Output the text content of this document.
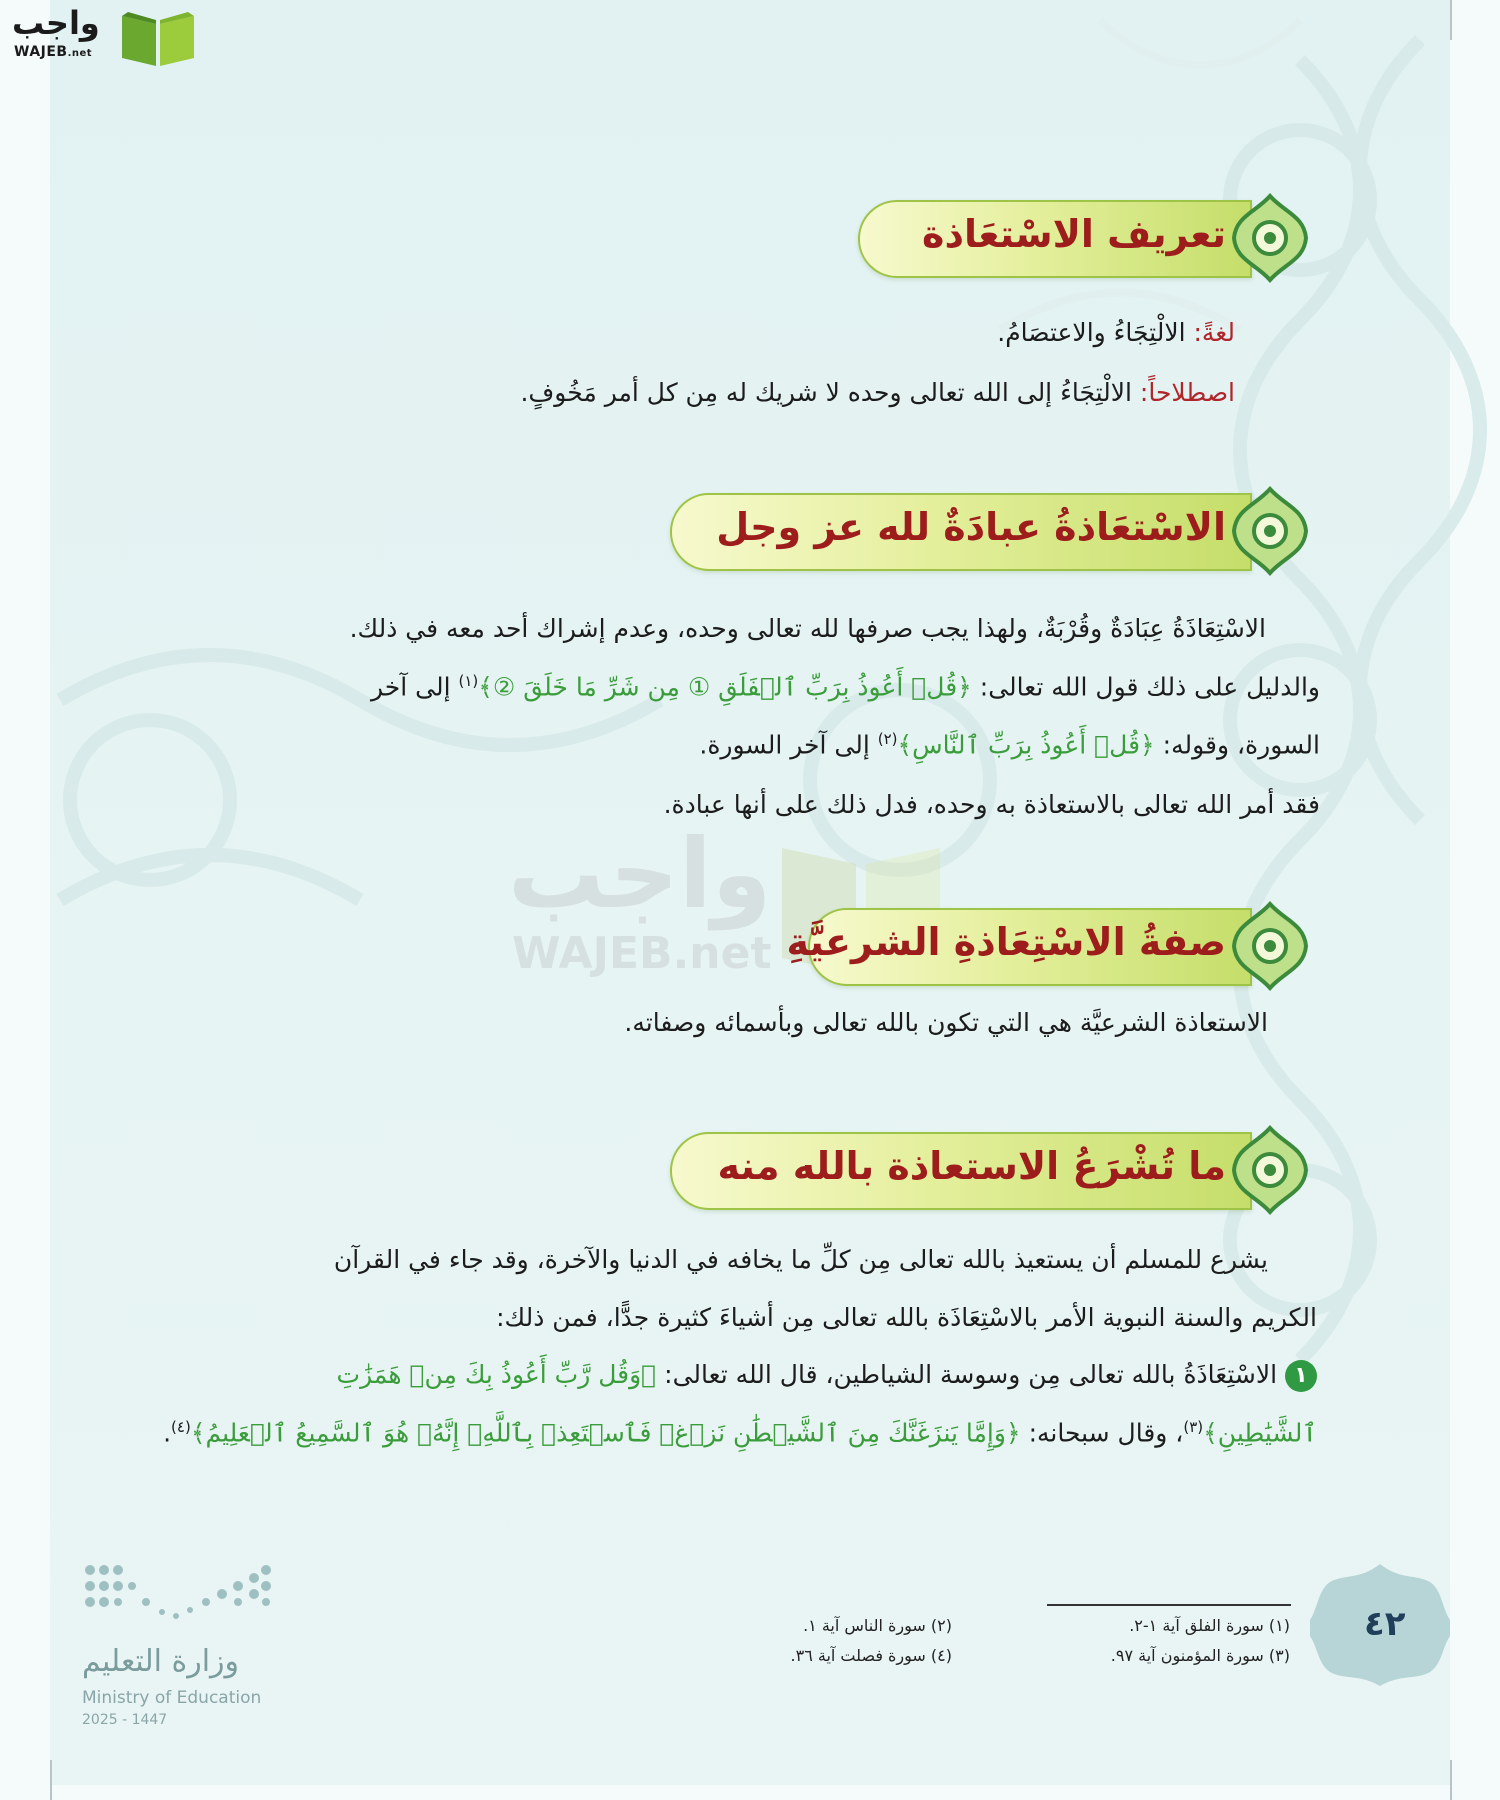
واجب
WAJEB.net
تعريف الاسْتعَاذة
لغةً: الالْتِجَاءُ والاعتصَامُ.
اصطلاحاً: الالْتِجَاءُ إلى الله تعالى وحده لا شريك له مِن كل أمر مَخُوفٍ.
الاسْتعَاذةُ عبادَةٌ لله عز وجل
الاسْتِعَاذَةُ عِبَادَةٌ وقُرْبَةٌ، ولهذا يجب صرفها لله تعالى وحده، وعدم إشراك أحد معه في ذلك.
والدليل على ذلك قول الله تعالى: ﴿قُلۡ أَعُوذُ بِرَبِّ ٱلۡفَلَقِ ① مِن شَرِّ مَا خَلَقَ ②﴾$^{(١)}$ إلى آخر
السورة، وقوله: ﴿قُلۡ أَعُوذُ بِرَبِّ ٱلنَّاسِ﴾$^{(٢)}$ إلى آخر السورة.
فقد أمر الله تعالى بالاستعاذة به وحده، فدل ذلك على أنها عبادة.
واجب
WAJEB.net صفةُ الاسْتِعَاذةِ الشرعيَّةِ
الاستعاذة الشرعيَّة هي التي تكون بالله تعالى وبأسمائه وصفاته.
ما تُشْرَعُ الاستعاذة بالله منه
يشرع للمسلم أن يستعيذ بالله تعالى مِن كلِّ ما يخافه في الدنيا والآخرة، وقد جاء في القرآن
الكريم والسنة النبوية الأمر بالاسْتِعَاذَة بالله تعالى مِن أشياءَ كثيرة جدًّا، فمن ذلك:
١ الاسْتِعَاذَةُ بالله تعالى مِن وسوسة الشياطين، قال الله تعالى: ﴿وَقُل رَّبِّ أَعُوذُ بِكَ مِنۡ هَمَزَٰتِ
ٱلشَّيَٰطِينِ﴾$^{(٣)}$، وقال سبحانه: ﴿وَإِمَّا يَنزَغَنَّكَ مِنَ ٱلشَّيۡطَٰنِ نَزۡغٞ فَٱسۡتَعِذۡ بِٱللَّهِۖ إِنَّهُۥ هُوَ ٱلسَّمِيعُ ٱلۡعَلِيمُ﴾$^{(٤)}$.
(١) سورة الفلق آية ١-٢.
(٢) سورة الناس آية ١.
(٣) سورة المؤمنون آية ٩٧.
(٤) سورة فصلت آية ٣٦.
٤٢
وزارة التعليم
Ministry of Education
2025 - 1447
